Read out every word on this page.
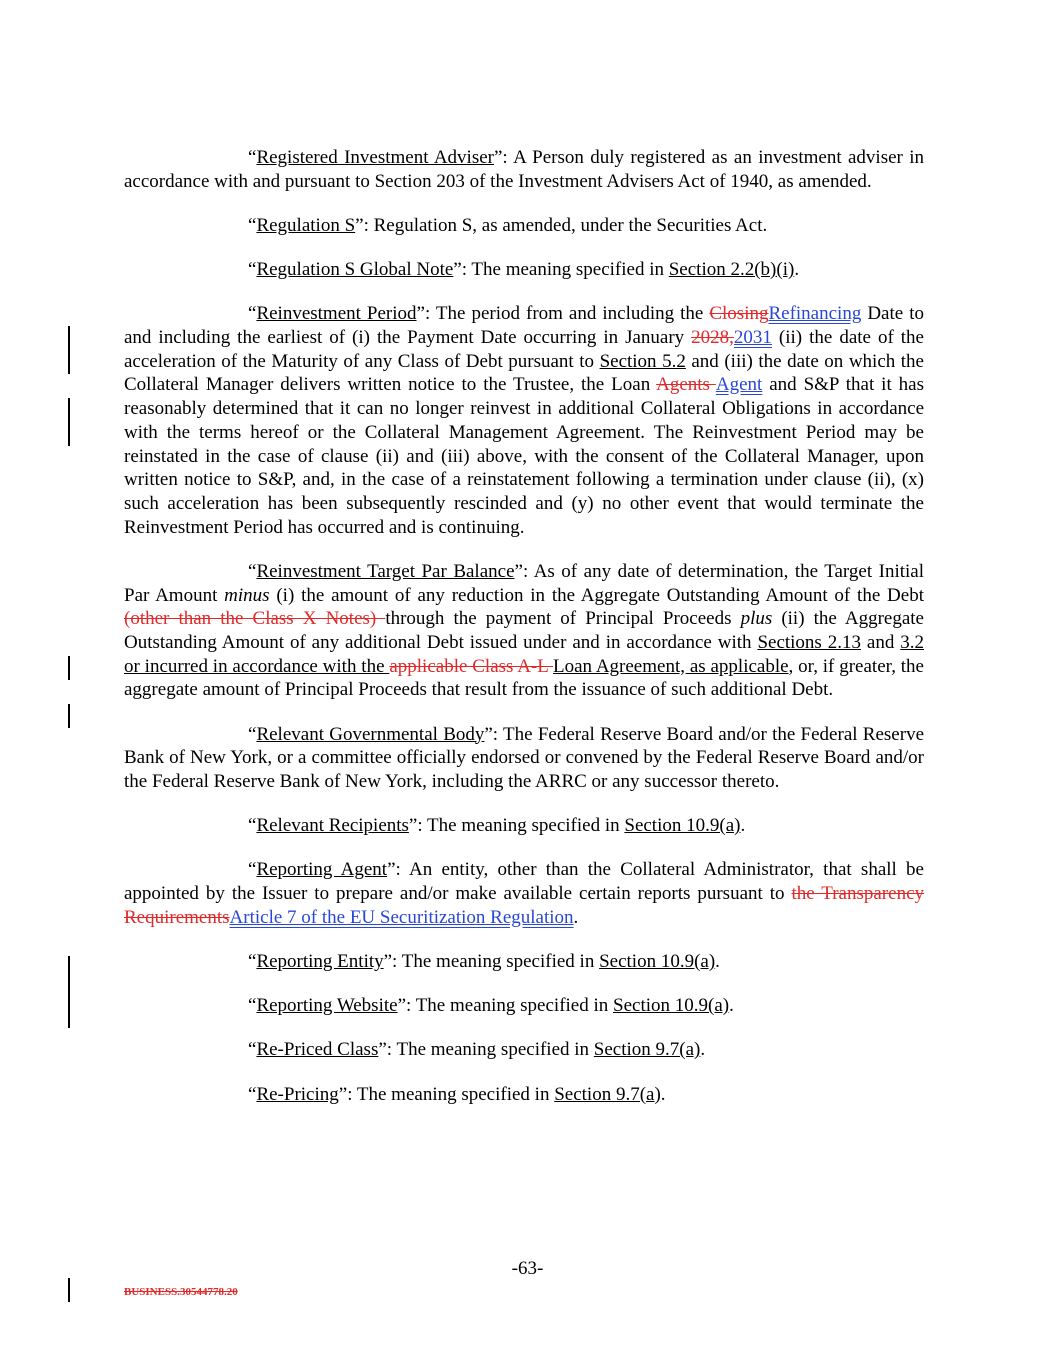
“Registered Investment Adviser”: A Person duly registered as an investment adviser in accordance with and pursuant to Section 203 of the Investment Advisers Act of 1940, as amended.

“Regulation S”: Regulation S, as amended, under the Securities Act.

“Regulation S Global Note”: The meaning specified in Section 2.2(b)(i).

“Reinvestment Period”: The period from and including the ClosingRefinancing Date to and including the earliest of (i) the Payment Date occurring in January 2028,2031 (ii) the date of the acceleration of the Maturity of any Class of Debt pursuant to Section 5.2 and (iii) the date on which the Collateral Manager delivers written notice to the Trustee, the Loan Agents Agent and S&P that it has reasonably determined that it can no longer reinvest in additional Collateral Obligations in accordance with the terms hereof or the Collateral Management Agreement. The Reinvestment Period may be reinstated in the case of clause (ii) and (iii) above, with the consent of the Collateral Manager, upon written notice to S&P, and, in the case of a reinstatement following a termination under clause (ii), (x) such acceleration has been subsequently rescinded and (y) no other event that would terminate the Reinvestment Period has occurred and is continuing.

“Reinvestment Target Par Balance”: As of any date of determination, the Target Initial Par Amount minus (i) the amount of any reduction in the Aggregate Outstanding Amount of the Debt (other than the Class X Notes) through the payment of Principal Proceeds plus (ii) the Aggregate Outstanding Amount of any additional Debt issued under and in accordance with Sections 2.13 and 3.2 or incurred in accordance with the applicable Class A-L Loan Agreement, as applicable, or, if greater, the aggregate amount of Principal Proceeds that result from the issuance of such additional Debt.

“Relevant Governmental Body”: The Federal Reserve Board and/or the Federal Reserve Bank of New York, or a committee officially endorsed or convened by the Federal Reserve Board and/or the Federal Reserve Bank of New York, including the ARRC or any successor thereto.

“Relevant Recipients”: The meaning specified in Section 10.9(a).

“Reporting Agent”: An entity, other than the Collateral Administrator, that shall be appointed by the Issuer to prepare and/or make available certain reports pursuant to the Transparency RequirementsArticle 7 of the EU Securitization Regulation.

“Reporting Entity”: The meaning specified in Section 10.9(a).

“Reporting Website”: The meaning specified in Section 10.9(a).

“Re-Priced Class”: The meaning specified in Section 9.7(a).

“Re-Pricing”: The meaning specified in Section 9.7(a).

-63-
BUSINESS.30544778.20
